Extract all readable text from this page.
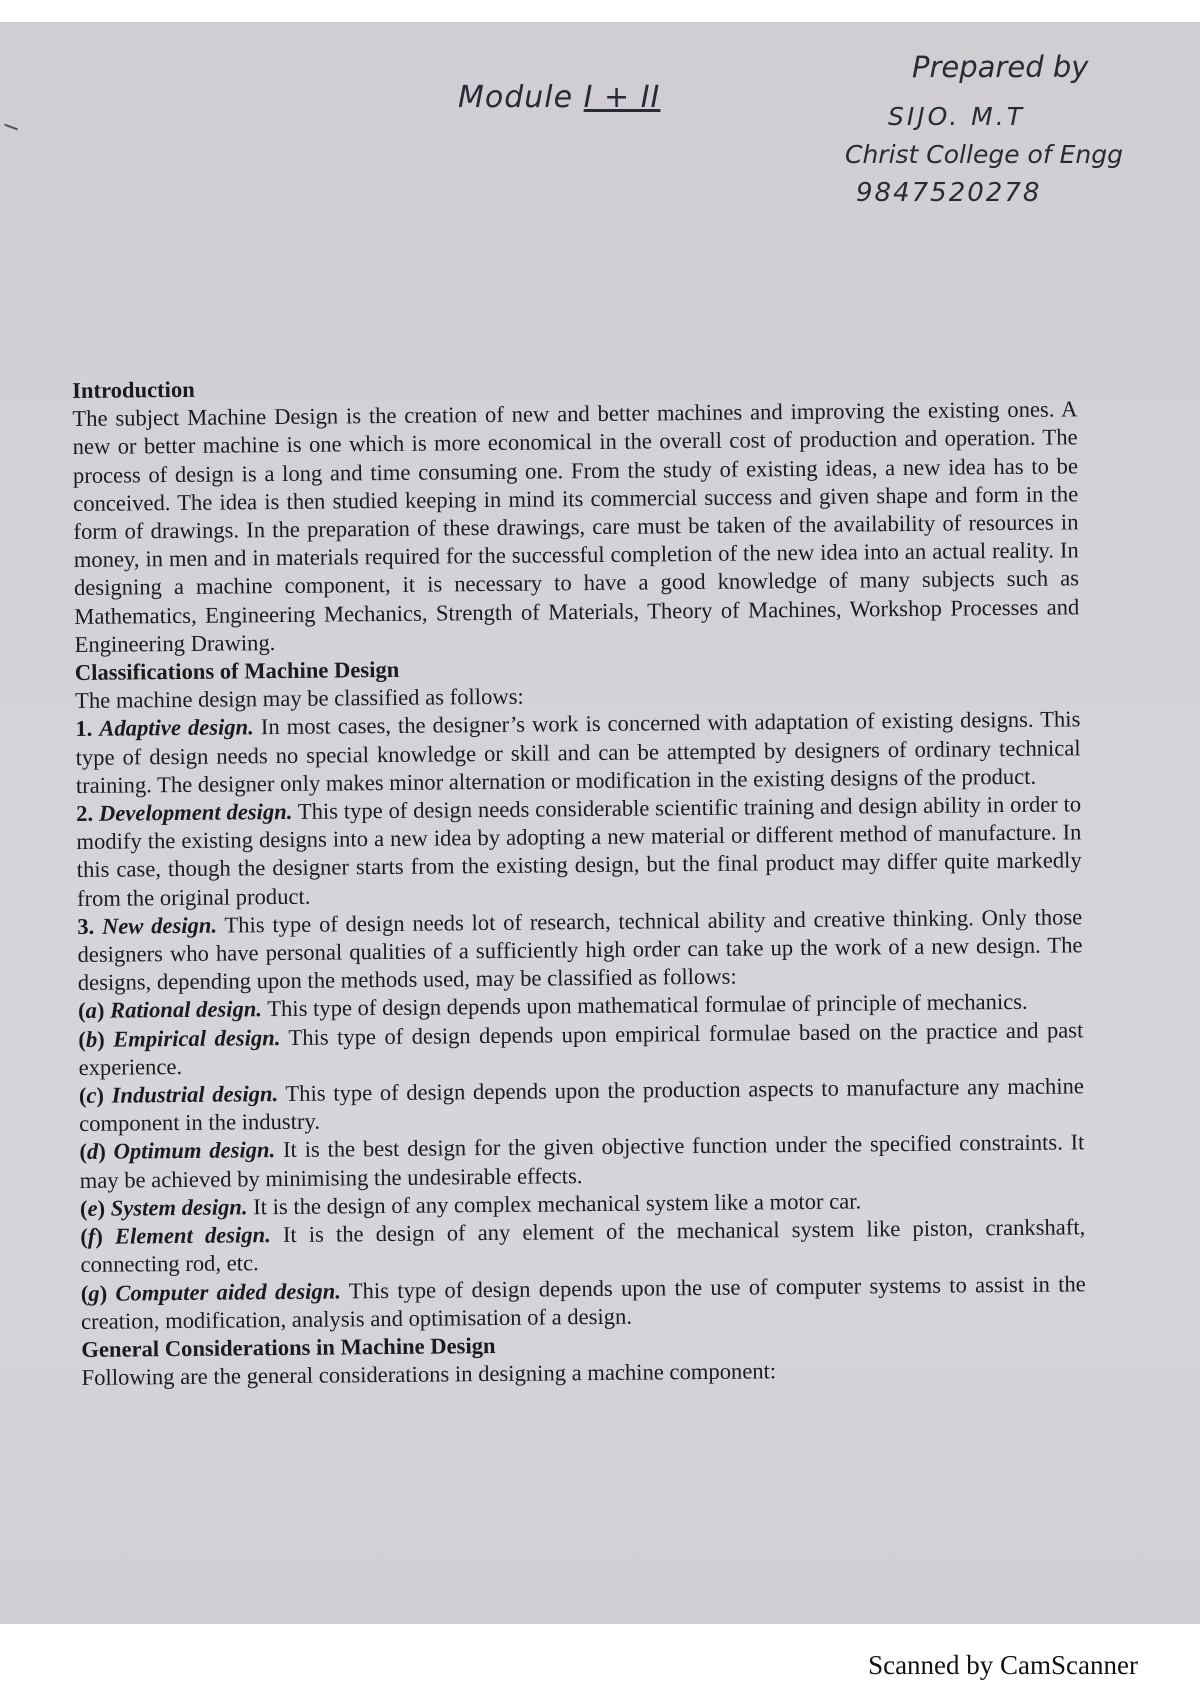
Module I + II
Prepared by
SIJO. M.T
Christ College of Engg
9847520278
Introduction

The subject Machine Design is the creation of new and better machines and improving the existing ones. A new or better machine is one which is more economical in the overall cost of production and operation. The process of design is a long and time consuming one. From the study of existing ideas, a new idea has to be conceived. The idea is then studied keeping in mind its commercial success and given shape and form in the form of drawings. In the preparation of these drawings, care must be taken of the availability of resources in money, in men and in materials required for the successful completion of the new idea into an actual reality. In designing a machine component, it is necessary to have a good knowledge of many subjects such as Mathematics, Engineering Mechanics, Strength of Materials, Theory of Machines, Workshop Processes and Engineering Drawing.

Classifications of Machine Design

The machine design may be classified as follows:

1. Adaptive design. In most cases, the designer’s work is concerned with adaptation of existing designs. This type of design needs no special knowledge or skill and can be attempted by designers of ordinary technical training. The designer only makes minor alternation or modification in the existing designs of the product.

2. Development design. This type of design needs considerable scientific training and design ability in order to modify the existing designs into a new idea by adopting a new material or different method of manufacture. In this case, though the designer starts from the existing design, but the final product may differ quite markedly from the original product.

3. New design. This type of design needs lot of research, technical ability and creative thinking. Only those designers who have personal qualities of a sufficiently high order can take up the work of a new design. The designs, depending upon the methods used, may be classified as follows:

(a) Rational design. This type of design depends upon mathematical formulae of principle of mechanics.

(b) Empirical design. This type of design depends upon empirical formulae based on the practice and past experience.

(c) Industrial design. This type of design depends upon the production aspects to manufacture any machine component in the industry.

(d) Optimum design. It is the best design for the given objective function under the specified constraints. It may be achieved by minimising the undesirable effects.

(e) System design. It is the design of any complex mechanical system like a motor car.

(f) Element design. It is the design of any element of the mechanical system like piston, crankshaft, connecting rod, etc.

(g) Computer aided design. This type of design depends upon the use of computer systems to assist in the creation, modification, analysis and optimisation of a design.

General Considerations in Machine Design

Following are the general considerations in designing a machine component:

Scanned by CamScanner
